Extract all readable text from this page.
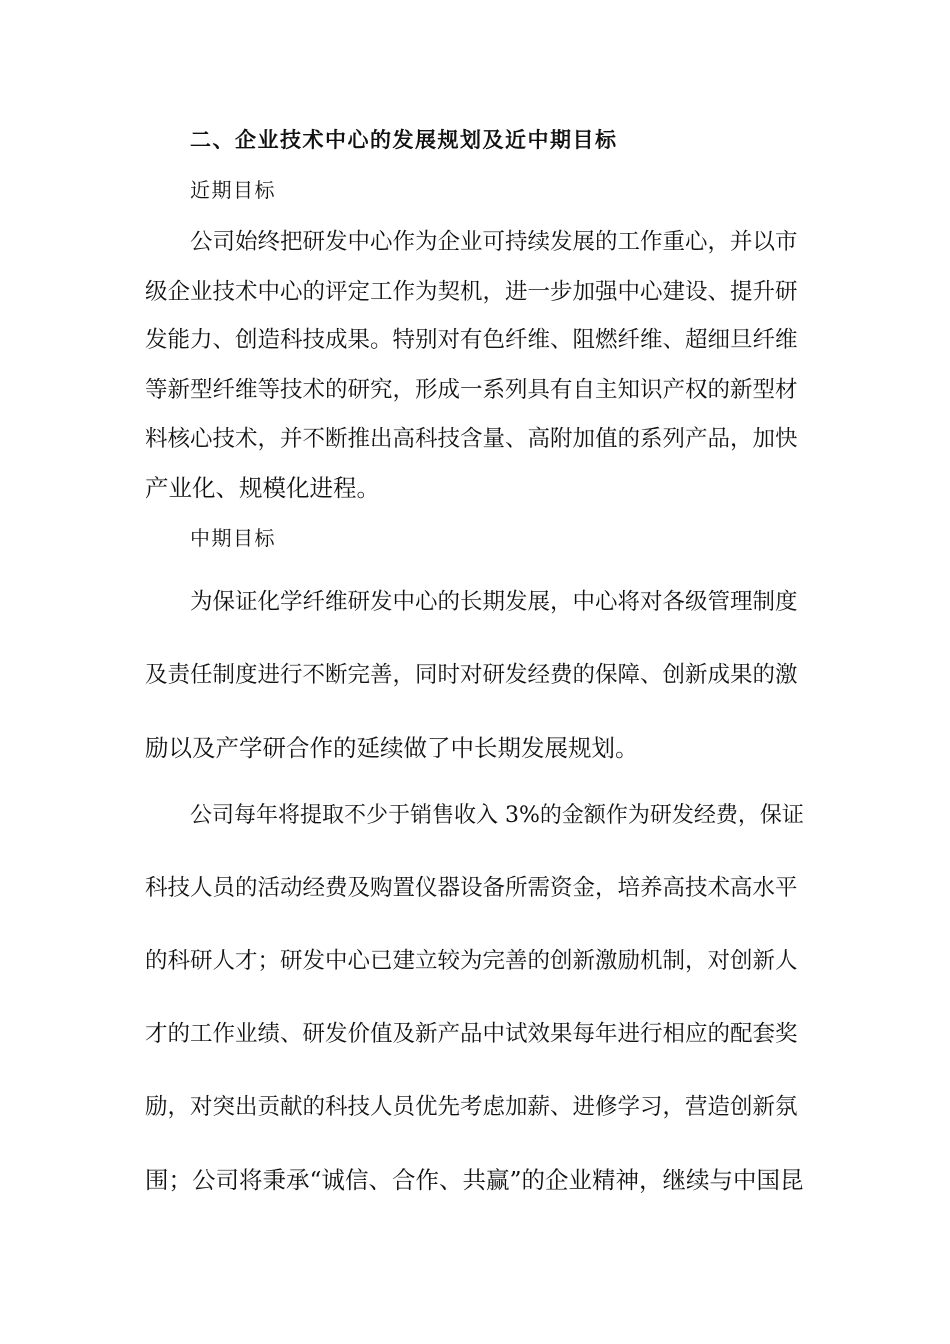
二、企业技术中心的发展规划及近中期目标
近期目标
公司始终把研发中心作为企业可持续发展的工作重心，并以市
级企业技术中心的评定工作为契机，进一步加强中心建设、提升研
发能力、创造科技成果。特别对有色纤维、阻燃纤维、超细旦纤维
等新型纤维等技术的研究，形成一系列具有自主知识产权的新型材
料核心技术，并不断推出高科技含量、高附加值的系列产品，加快
产业化、规模化进程。
中期目标
为保证化学纤维研发中心的长期发展，中心将对各级管理制度
及责任制度进行不断完善，同时对研发经费的保障、创新成果的激
励以及产学研合作的延续做了中长期发展规划。
公司每年将提取不少于销售收入 3%的金额作为研发经费，保证
科技人员的活动经费及购置仪器设备所需资金，培养高技术高水平
的科研人才；研发中心已建立较为完善的创新激励机制，对创新人
才的工作业绩、研发价值及新产品中试效果每年进行相应的配套奖
励，对突出贡献的科技人员优先考虑加薪、进修学习，营造创新氛
围；公司将秉承“诚信、合作、共赢”的企业精神，继续与中国昆
